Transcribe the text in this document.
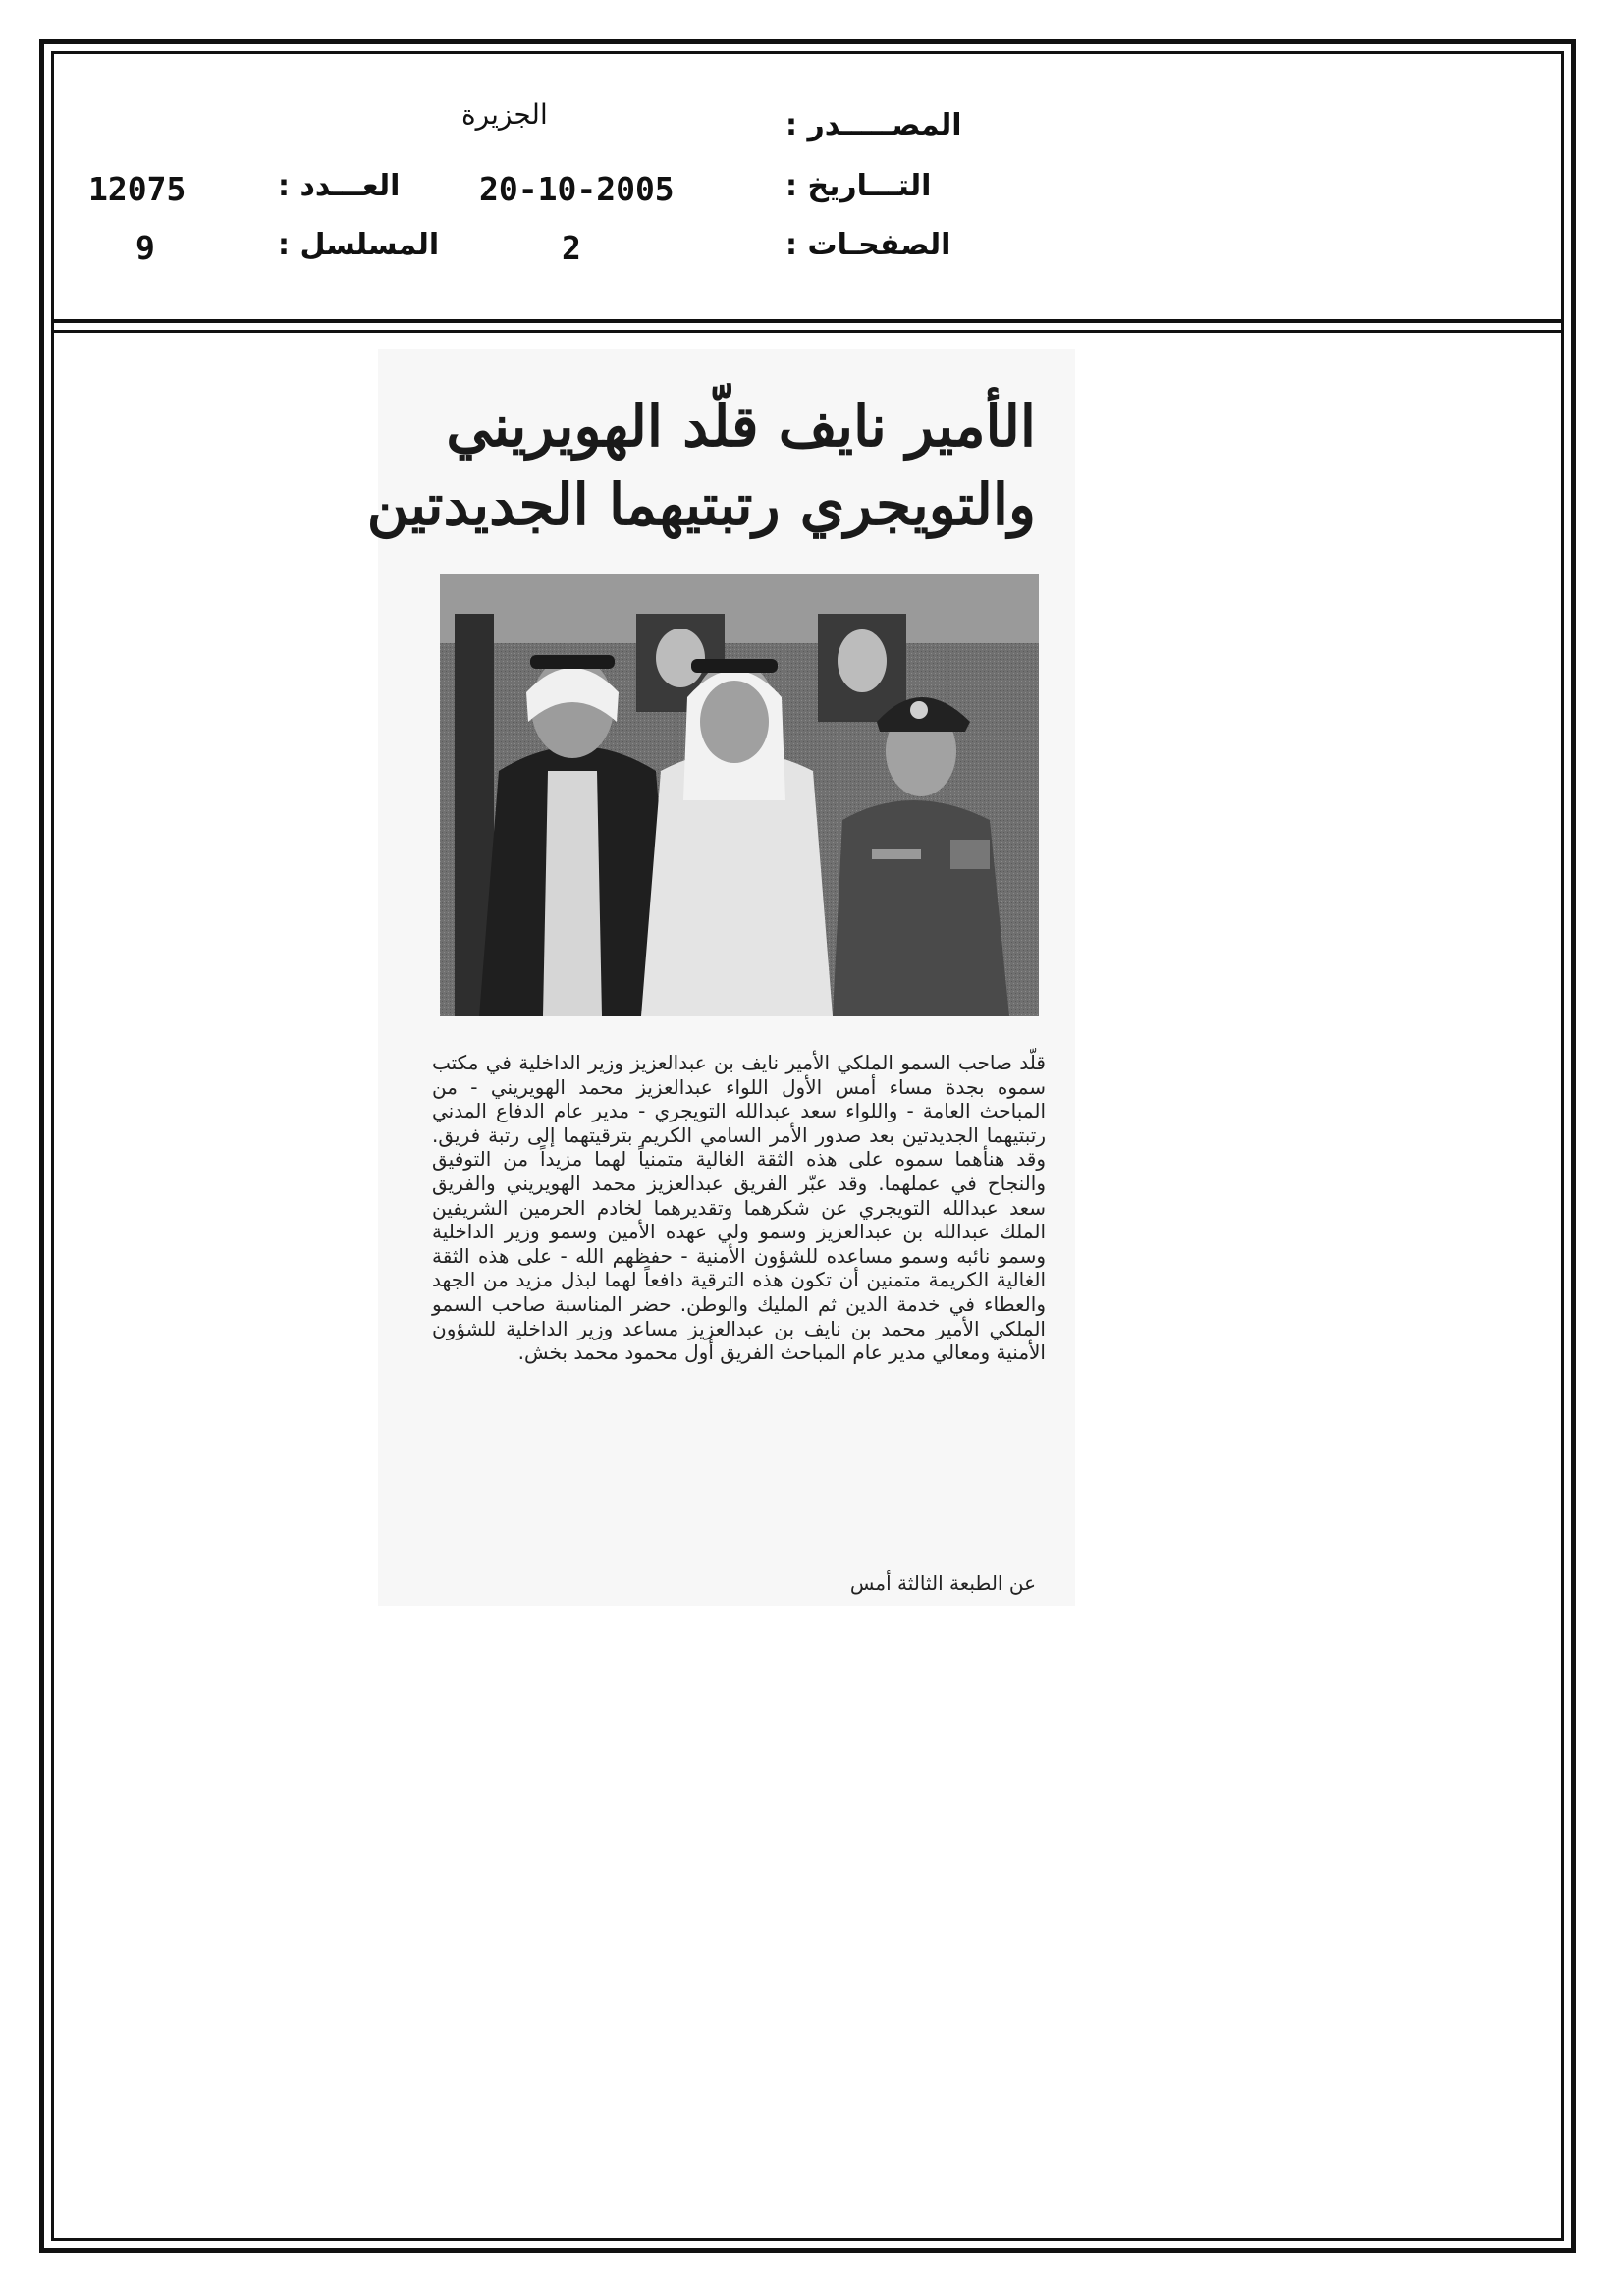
المصـــــدر :
الجزيرة
التـــاريخ :
20-10-2005
العـــدد :
12075
الصفحـات :
2
المسلسل :
9
الأمير نايف قلّد الهويريني
والتويجري رتبتيهما الجديدتين

قلّد صاحب السمو الملكي الأمير نايف بن عبدالعزيز وزير الداخلية في مكتب سموه بجدة مساء أمس الأول اللواء عبدالعزيز محمد الهويريني - من المباحث العامة - واللواء سعد عبدالله التويجري - مدير عام الدفاع المدني رتبتيهما الجديدتين بعد صدور الأمر السامي الكريم بترقيتهما إلى رتبة فريق. وقد هنأهما سموه على هذه الثقة الغالية متمنياً لهما مزيداً من التوفيق والنجاح في عملهما. وقد عبّر الفريق عبدالعزيز محمد الهويريني والفريق سعد عبدالله التويجري عن شكرهما وتقديرهما لخادم الحرمين الشريفين الملك عبدالله بن عبدالعزيز وسمو ولي عهده الأمين وسمو وزير الداخلية وسمو نائبه وسمو مساعده للشؤون الأمنية - حفظهم الله - على هذه الثقة الغالية الكريمة متمنين أن تكون هذه الترقية دافعاً لهما لبذل مزيد من الجهد والعطاء في خدمة الدين ثم المليك والوطن. حضر المناسبة صاحب السمو الملكي الأمير محمد بن نايف بن عبدالعزيز مساعد وزير الداخلية للشؤون الأمنية ومعالي مدير عام المباحث الفريق أول محمود محمد بخش.

عن الطبعة الثالثة أمس
